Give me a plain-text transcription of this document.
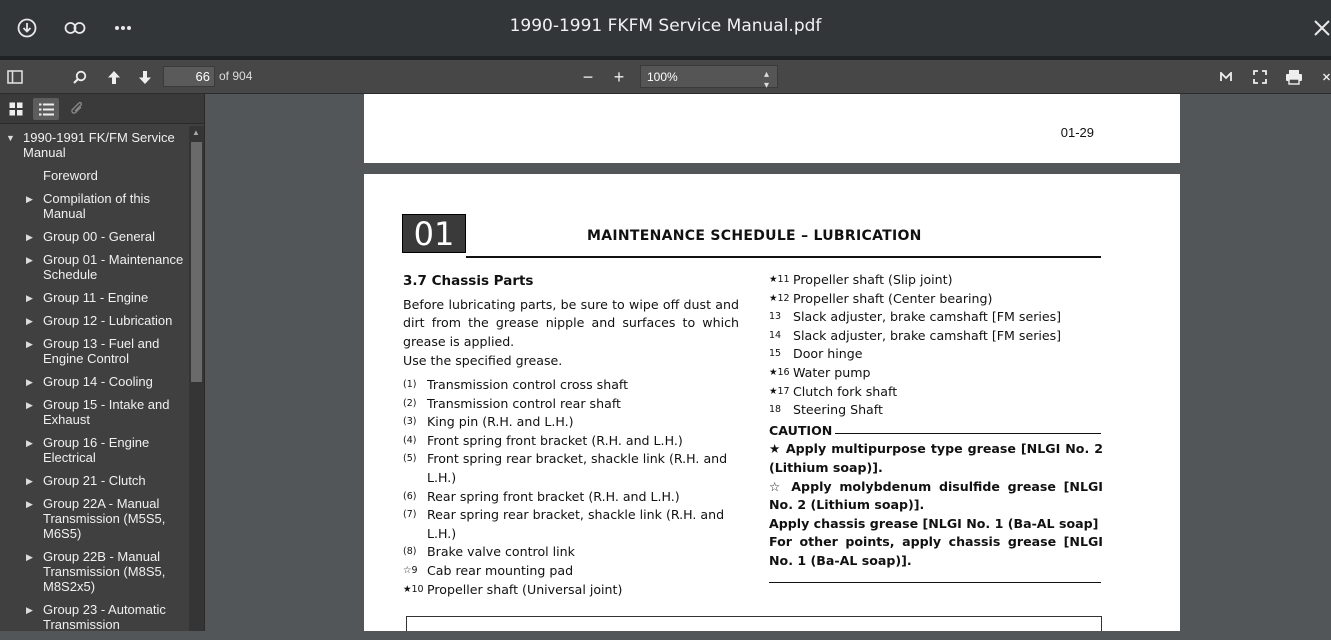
1990-1991 FKFM Service Manual.pdf
66
of 904	− +	100%	▴
▾
▼ 1990-1991 FK/FM Service Manual
Foreword
▶ Compilation of this Manual
▶ Group 00 - General
▶ Group 01 - Maintenance Schedule
▶ Group 11 - Engine
▶ Group 12 - Lubrication
▶ Group 13 - Fuel and Engine Control
▶ Group 14 - Cooling
▶ Group 15 - Intake and Exhaust
▶ Group 16 - Engine Electrical
▶ Group 21 - Clutch
▶ Group 22A - Manual Transmission (M5S5, M6S5)
▶ Group 22B - Manual Transmission (M8S5, M8S2x5)
▶ Group 23 - Automatic Transmission
▲	01-29
01	MAINTENANCE SCHEDULE – LUBRICATION
3.7 Chassis Parts
Before lubricating parts, be sure to wipe off dust and dirt from the grease nipple and surfaces to which grease is applied.
Use the specified grease.
(1) Transmission control cross shaft
(2) Transmission control rear shaft
(3) King pin (R.H. and L.H.)
(4) Front spring front bracket (R.H. and L.H.)
(5) Front spring rear bracket, shackle link (R.H. and L.H.)
(6) Rear spring front bracket (R.H. and L.H.)
(7) Rear spring rear bracket, shackle link (R.H. and L.H.)
(8) Brake valve control link
☆9 Cab rear mounting pad
★10 Propeller shaft (Universal joint)
★11 Propeller shaft (Slip joint)
★12 Propeller shaft (Center bearing)
13 Slack adjuster, brake camshaft [FM series]
14 Slack adjuster, brake camshaft [FM series]
15 Door hinge
★16 Water pump
★17 Clutch fork shaft
18 Steering Shaft
CAUTION
★ Apply multipurpose type grease [NLGI No. 2 (Lithium soap)].
☆ Apply molybdenum disulfide grease [NLGI No. 2 (Lithium soap)].
Apply chassis grease [NLGI No. 1 (Ba-AL soap]
For other points, apply chassis grease [NLGI No. 1 (Ba-AL soap)].
